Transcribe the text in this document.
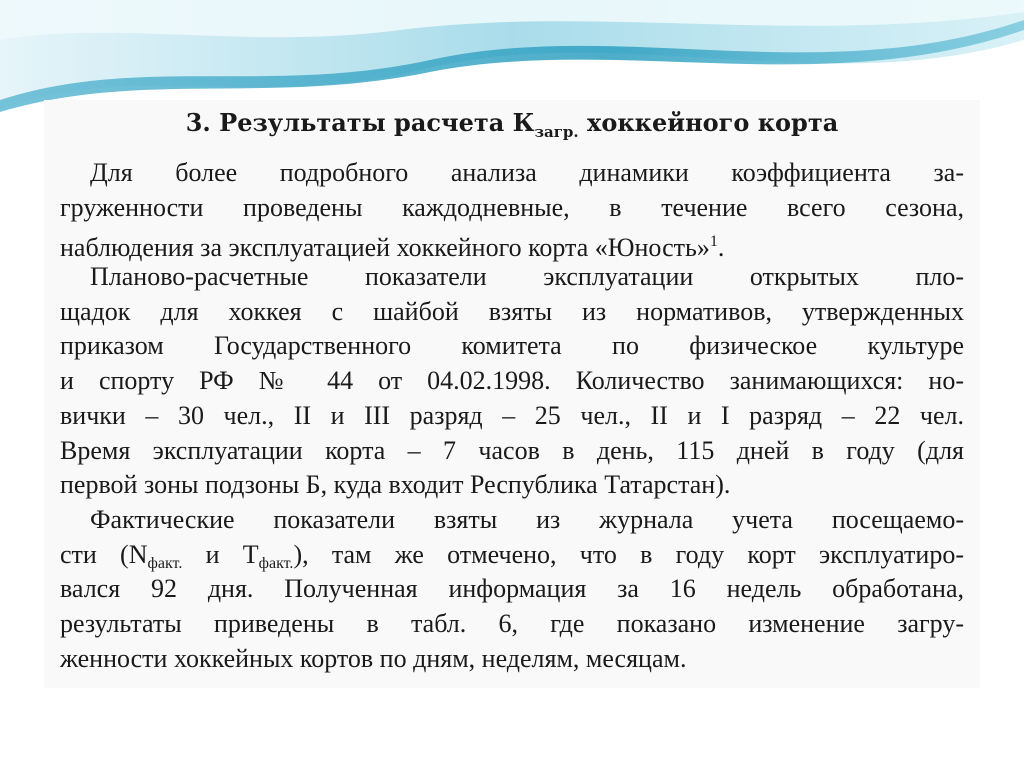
3. Результаты расчета $К_{загр.}$ хоккейного корта
Для более подробного анализа динамики коэффициента за-
груженности проведены каждодневные, в течение всего сезона,
наблюдения за эксплуатацией хоккейного корта «Юность»$^1$.
Планово-расчетные показатели эксплуатации открытых пло-
щадок для хоккея с шайбой взяты из нормативов, утвержденных
приказом Государственного комитета по физическое культуре
и спорту РФ № 44 от 04.02.1998. Количество занимающихся: но-
вички – 30 чел., II и III разряд – 25 чел., II и I разряд – 22 чел.
Время эксплуатации корта – 7 часов в день, 115 дней в году (для
первой зоны подзоны Б, куда входит Республика Татарстан).
Фактические показатели взяты из журнала учета посещаемо-
сти ($N_{факт.}$ и $Т_{факт.}$), там же отмечено, что в году корт эксплуатиро-
вался 92 дня. Полученная информация за 16 недель обработана,
результаты приведены в табл. 6, где показано изменение загру-
женности хоккейных кортов по дням, неделям, месяцам.
